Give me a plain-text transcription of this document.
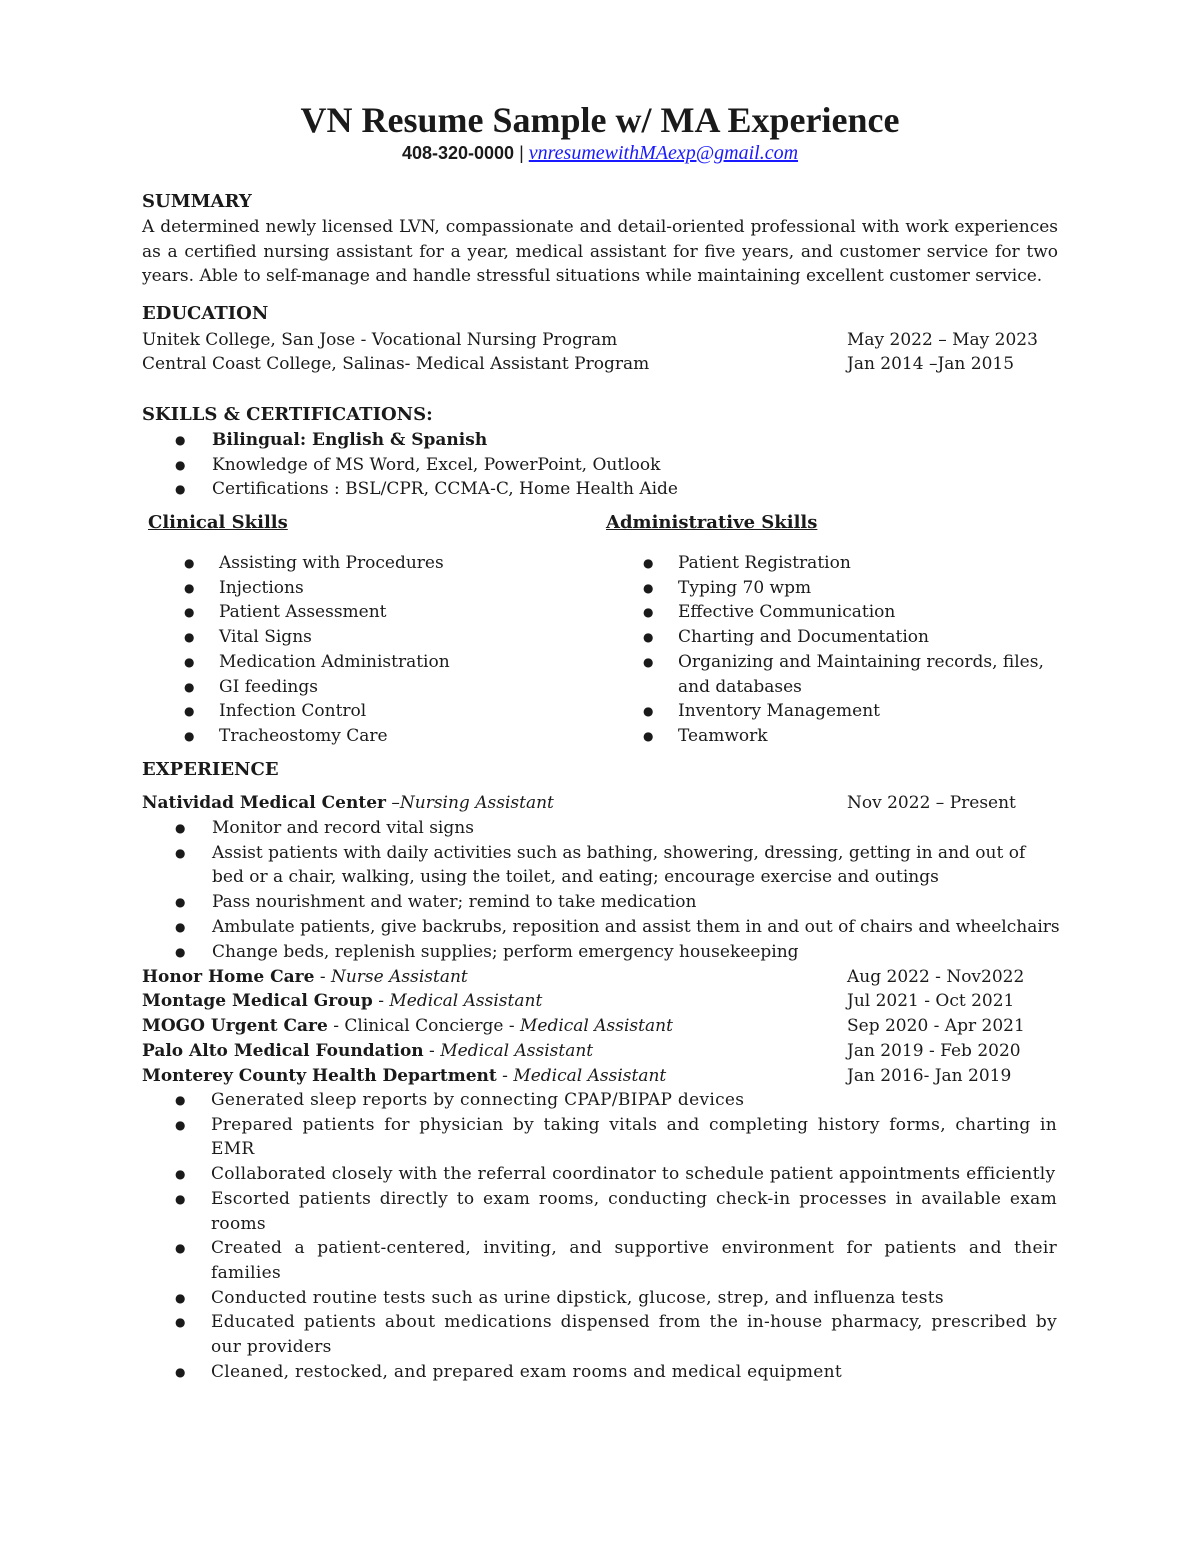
VN Resume Sample w/ MA Experience
408-320-0000 | vnresumewithMAexp@gmail.com
SUMMARY
A determined newly licensed LVN, compassionate and detail-oriented professional with work experiences as a certified nursing assistant for a year, medical assistant for five years, and customer service for two years. Able to self-manage and handle stressful situations while maintaining excellent customer service.
EDUCATION
Unitek College, San Jose - Vocational Nursing Program	May 2022 – May 2023
Central Coast College, Salinas- Medical Assistant Program	Jan 2014 –Jan 2015
SKILLS & CERTIFICATIONS:
● Bilingual: English & Spanish
● Knowledge of MS Word, Excel, PowerPoint, Outlook
● Certifications : BSL/CPR, CCMA-C, Home Health Aide
Clinical Skills	Administrative Skills
● Assisting with Procedures
● Injections
● Patient Assessment
● Vital Signs
● Medication Administration
● GI feedings
● Infection Control
● Tracheostomy Care
● Patient Registration
● Typing 70 wpm
● Effective Communication
● Charting and Documentation
● Organizing and Maintaining records, files, and databases
● Inventory Management
● Teamwork
EXPERIENCE
Natividad Medical Center –Nursing Assistant	Nov 2022 – Present
● Monitor and record vital signs
● Assist patients with daily activities such as bathing, showering, dressing, getting in and out of bed or a chair, walking, using the toilet, and eating; encourage exercise and outings
● Pass nourishment and water; remind to take medication
● Ambulate patients, give backrubs, reposition and assist them in and out of chairs and wheelchairs
● Change beds, replenish supplies; perform emergency housekeeping
Honor Home Care - Nurse Assistant	Aug 2022 - Nov2022
Montage Medical Group - Medical Assistant	Jul 2021 - Oct 2021
MOGO Urgent Care - Clinical Concierge - Medical Assistant	Sep 2020 - Apr 2021
Palo Alto Medical Foundation - Medical Assistant	Jan 2019 - Feb 2020
Monterey County Health Department - Medical Assistant	Jan 2016- Jan 2019
● Generated sleep reports by connecting CPAP/BIPAP devices
● Prepared patients for physician by taking vitals and completing history forms, charting in EMR
● Collaborated closely with the referral coordinator to schedule patient appointments efficiently
● Escorted patients directly to exam rooms, conducting check-in processes in available exam rooms
● Created a patient-centered, inviting, and supportive environment for patients and their families
● Conducted routine tests such as urine dipstick, glucose, strep, and influenza tests
● Educated patients about medications dispensed from the in-house pharmacy, prescribed by our providers
● Cleaned, restocked, and prepared exam rooms and medical equipment
